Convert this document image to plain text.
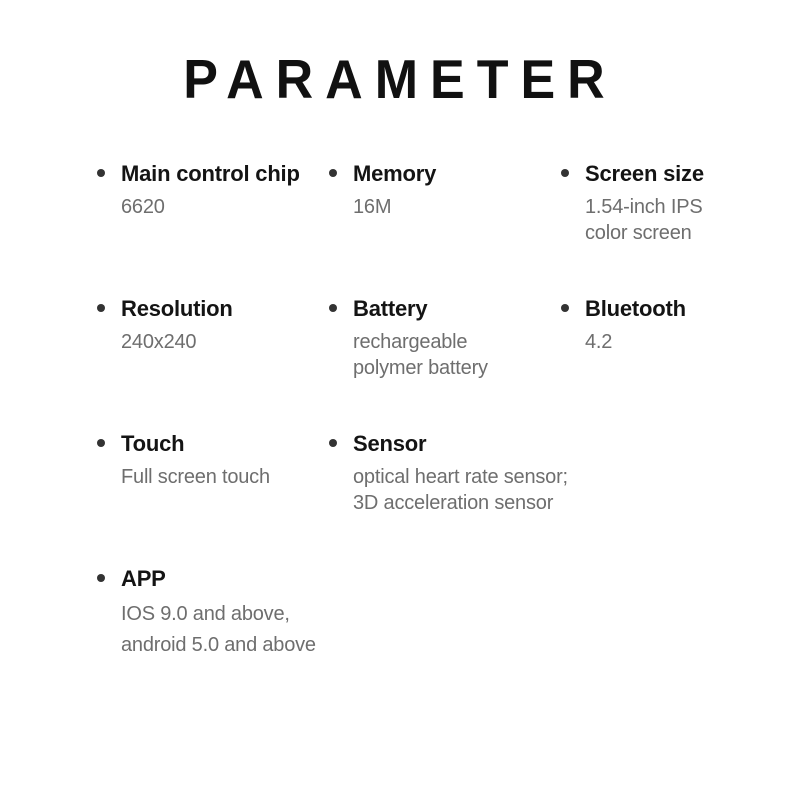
PARAMETER
Main control chip
6620
Memory
16M
Screen size
1.54-inch IPS
color screen
Resolution
240x240
Battery
rechargeable
polymer battery
Bluetooth
4.2
Touch
Full screen touch
Sensor
optical heart rate sensor;
3D acceleration sensor
APP
IOS 9.0 and above,
android 5.0 and above
